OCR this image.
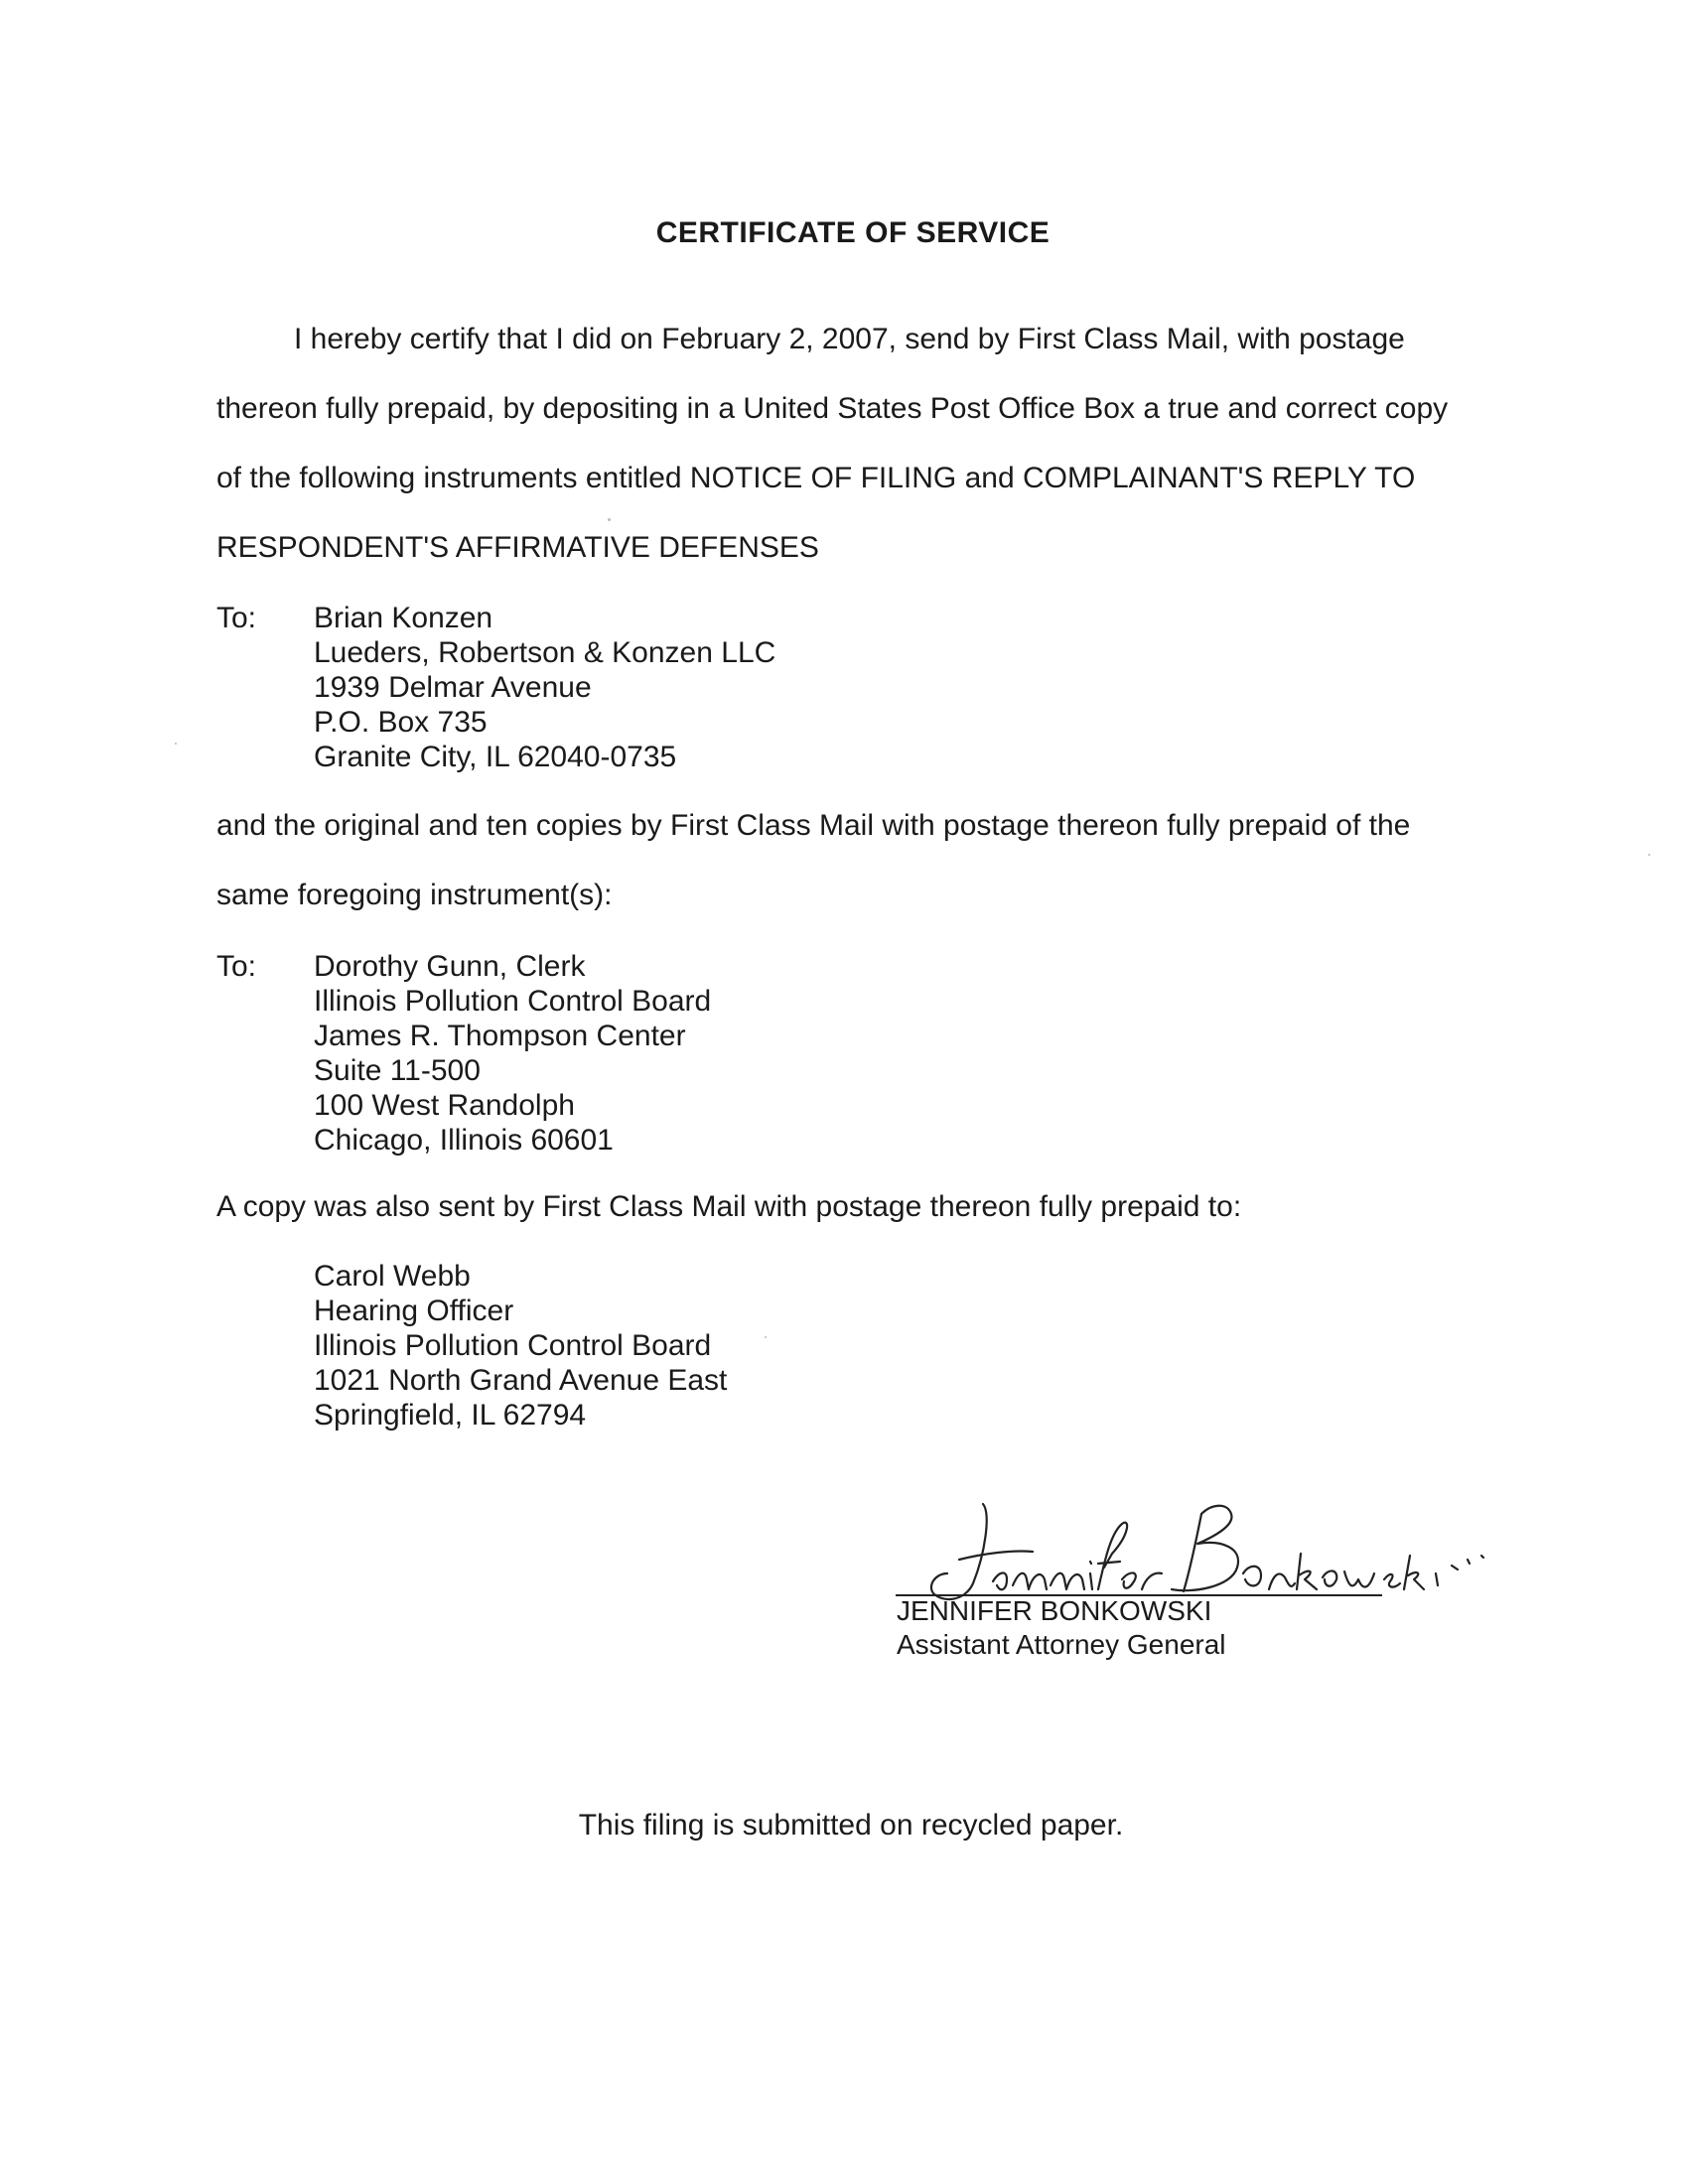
CERTIFICATE OF SERVICE
I hereby certify that I did on February 2, 2007, send by First Class Mail, with postage
thereon fully prepaid, by depositing in a United States Post Office Box a true and correct copy
of the following instruments entitled NOTICE OF FILING and COMPLAINANT'S REPLY TO
RESPONDENT'S AFFIRMATIVE DEFENSES
To: Brian Konzen
Lueders, Robertson & Konzen LLC
1939 Delmar Avenue
P.O. Box 735
Granite City, IL 62040-0735
and the original and ten copies by First Class Mail with postage thereon fully prepaid of the
same foregoing instrument(s):
To: Dorothy Gunn, Clerk
Illinois Pollution Control Board
James R. Thompson Center
Suite 11-500
100 West Randolph
Chicago, Illinois 60601
A copy was also sent by First Class Mail with postage thereon fully prepaid to:
Carol Webb
Hearing Officer
Illinois Pollution Control Board
1021 North Grand Avenue East
Springfield, IL 62794
JENNIFER BONKOWSKI
Assistant Attorney General
This filing is submitted on recycled paper.
